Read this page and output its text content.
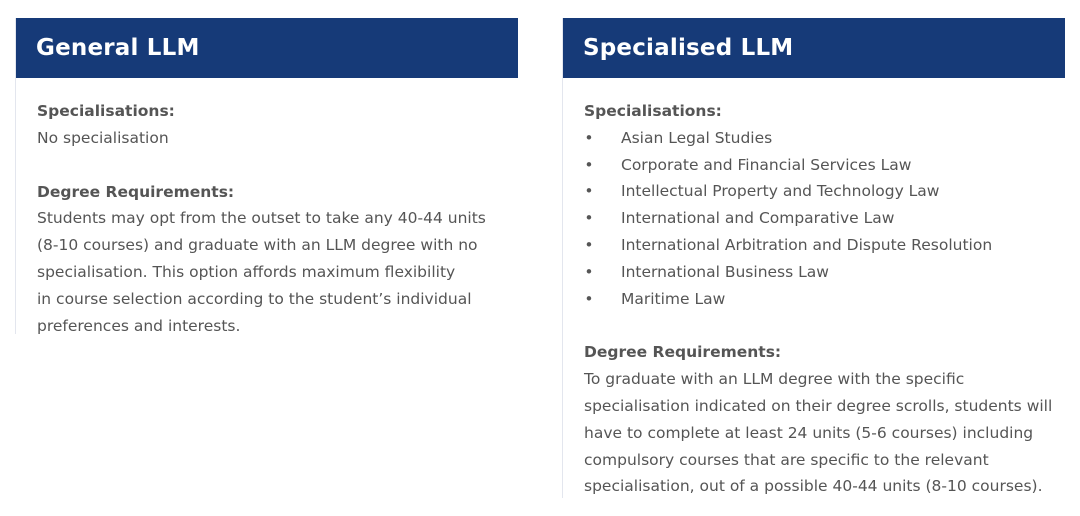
General LLM

Specialisations:

No specialisation

Degree Requirements:

Students may opt from the outset to take any 40-44 units
(8-10 courses) and graduate with an LLM degree with no
specialisation. This option affords maximum flexibility
in course selection according to the student’s individual
preferences and interests.
Specialised LLM

Specialisations:

• Asian Legal Studies
• Corporate and Financial Services Law
• Intellectual Property and Technology Law
• International and Comparative Law
• International Arbitration and Dispute Resolution
• International Business Law
• Maritime Law

Degree Requirements:

To graduate with an LLM degree with the specific
specialisation indicated on their degree scrolls, students will
have to complete at least 24 units (5-6 courses) including
compulsory courses that are specific to the relevant
specialisation, out of a possible 40-44 units (8-10 courses).
